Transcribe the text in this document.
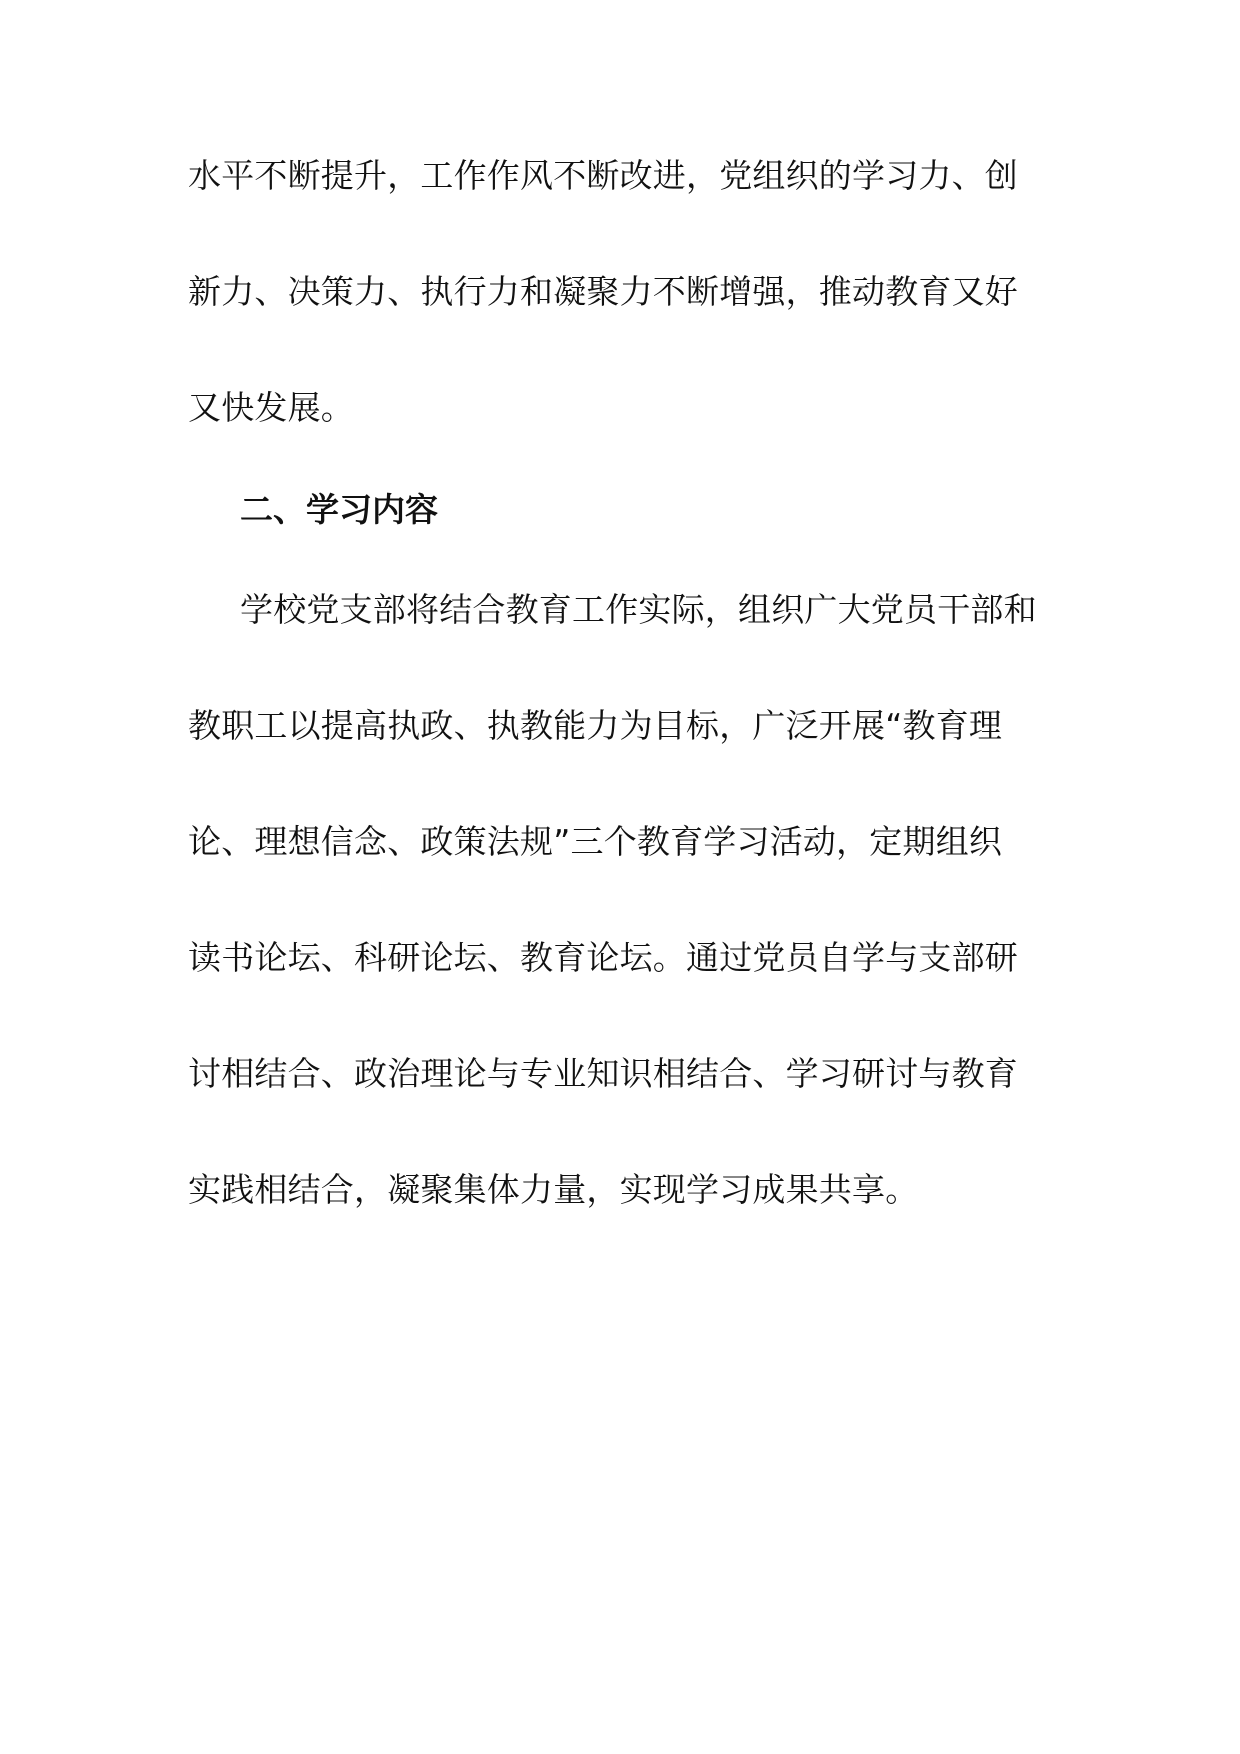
水平不断提升，工作作风不断改进，党组织的学习力、创
新力、决策力、执行力和凝聚力不断增强，推动教育又好
又快发展。
二、学习内容
学校党支部将结合教育工作实际，组织广大党员干部和
教职工以提高执政、执教能力为目标，广泛开展“教育理
论、理想信念、政策法规”三个教育学习活动，定期组织
读书论坛、科研论坛、教育论坛。通过党员自学与支部研
讨相结合、政治理论与专业知识相结合、学习研讨与教育
实践相结合，凝聚集体力量，实现学习成果共享。
